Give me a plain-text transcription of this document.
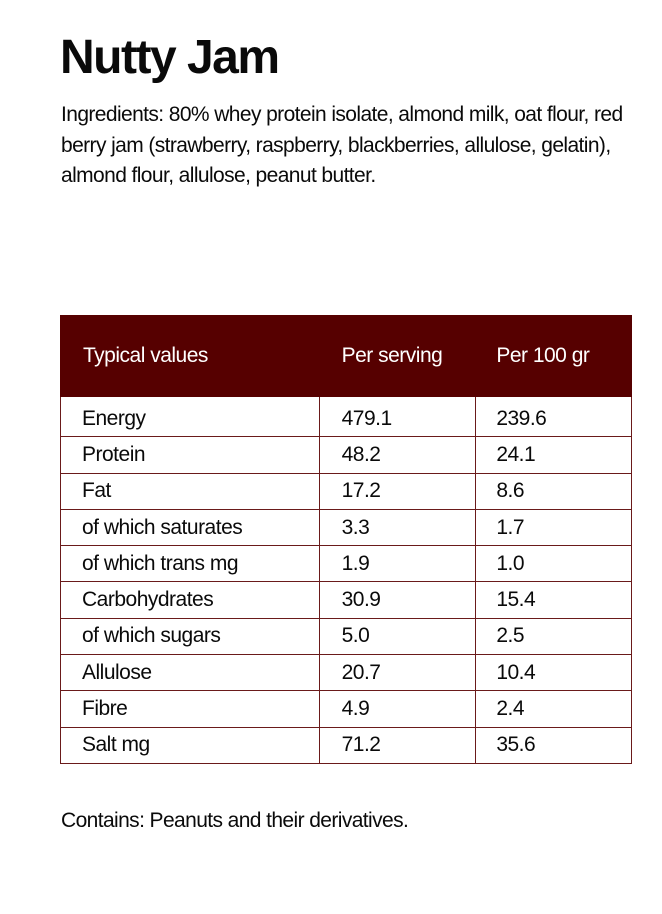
Nutty Jam

Ingredients: 80% whey protein isolate, almond milk, oat flour, red berry jam (strawberry, raspberry, blackberries, allulose, gelatin), almond flour, allulose, peanut butter.

Typical values	Per serving	Per 100 gr
Energy	479.1	239.6
Protein	48.2	24.1
Fat	17.2	8.6
of which saturates	3.3	1.7
of which trans mg	1.9	1.0
Carbohydrates	30.9	15.4
of which sugars	5.0	2.5
Allulose	20.7	10.4
Fibre	4.9	2.4
Salt mg	71.2	35.6

Contains: Peanuts and their derivatives.
